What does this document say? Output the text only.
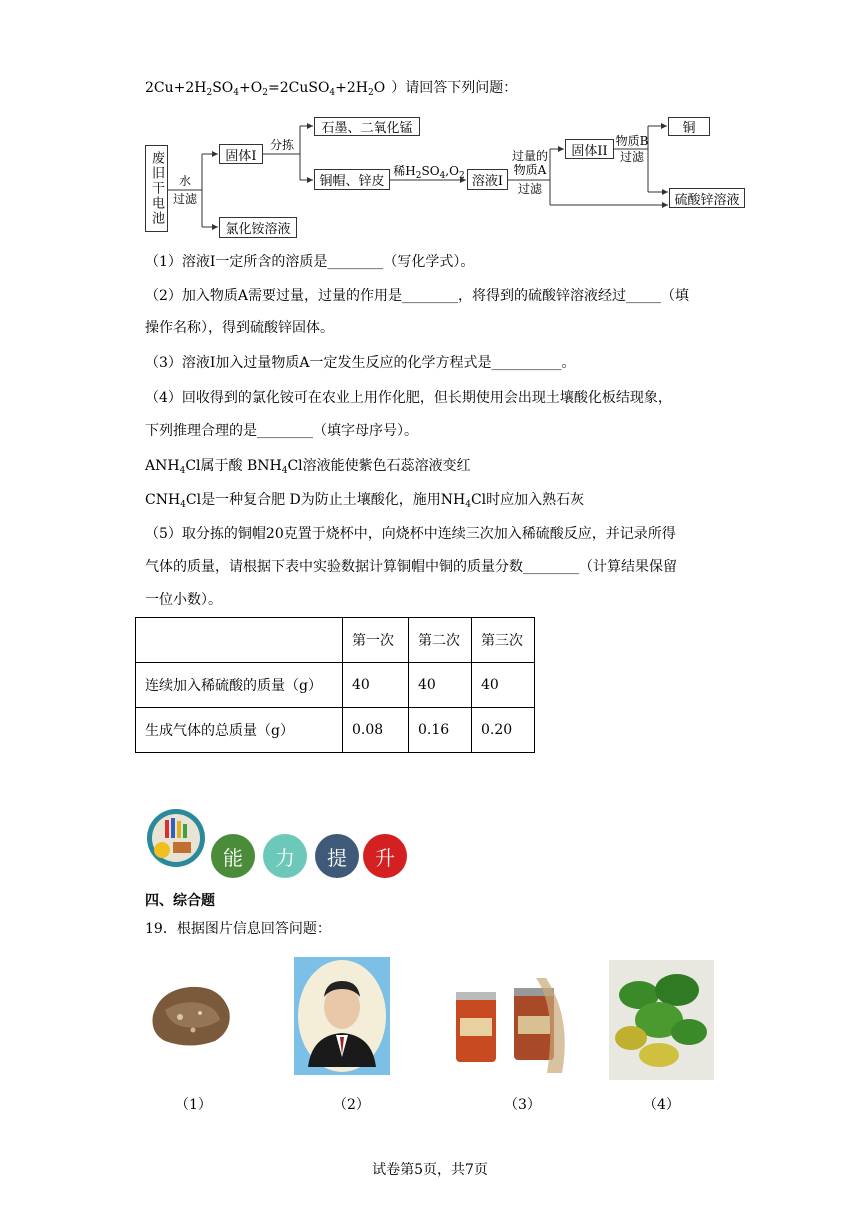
$2Cu+2H_2SO_4+O_2=2CuSO_4+2H_2O$ ）请回答下列问题：
废旧干电池	水
过滤
固体I
分拣
石墨、二氧化锰
铜帽、锌皮
稀$H_2SO_4,O_2$ 溶液I
过量的
物质A
过滤
固体II
物质B
过滤
铜
硫酸锌溶液
氯化铵溶液
（1）溶液I一定所含的溶质是________（写化学式）。
（2）加入物质A需要过量，过量的作用是________，将得到的硫酸锌溶液经过_____（填
操作名称），得到硫酸锌固体。
（3）溶液I加入过量物质A一定发生反应的化学方程式是__________。
（4）回收得到的氯化铵可在农业上用作化肥，但长期使用会出现土壤酸化板结现象，
下列推理合理的是________（填字母序号）。
$ANH_4Cl$属于酸 $BNH_4Cl$溶液能使紫色石蕊溶液变红
$CNH_4Cl$是一种复合肥 D为防止土壤酸化，施用$NH_4Cl$时应加入熟石灰
（5）取分拣的铜帽20克置于烧杯中，向烧杯中连续三次加入稀硫酸反应，并记录所得
气体的质量，请根据下表中实验数据计算铜帽中铜的质量分数________（计算结果保留
一位小数）。
	第一次	第二次	第三次
连续加入稀硫酸的质量（g）	40	40	40
生成气体的总质量（g）	0.08	0.16	0.20
能 力 提 升
四、综合题
19．根据图片信息回答问题：
（1）	（2）	（3）	（4）
试卷第5页，共7页
